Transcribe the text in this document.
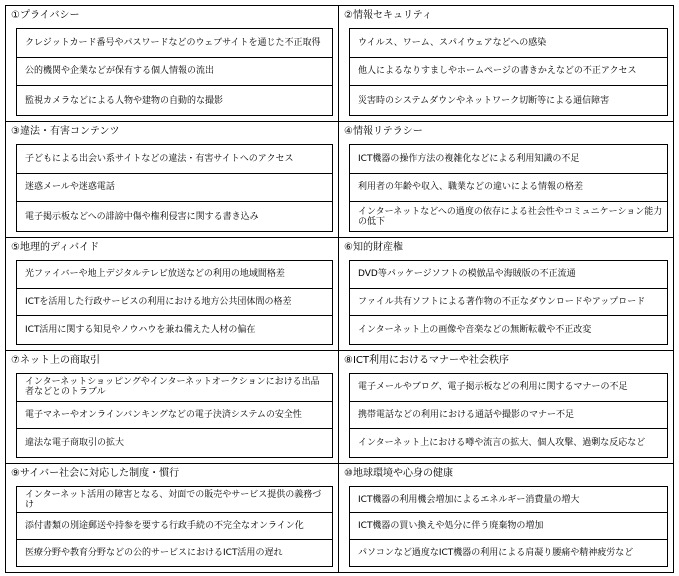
①プライバシー
クレジットカード番号やパスワードなどのウェブサイトを通じた不正取得
公的機関や企業などが保有する個人情報の流出
監視カメラなどによる人物や建物の自動的な撮影
②情報セキュリティ
ウイルス、ワーム、スパイウェアなどへの感染
他人によるなりすましやホームページの書きかえなどの不正アクセス
災害時のシステムダウンやネットワーク切断等による通信障害
③違法・有害コンテンツ
子どもによる出会い系サイトなどの違法・有害サイトへのアクセス
迷惑メールや迷惑電話
電子掲示板などへの誹謗中傷や権利侵害に関する書き込み
④情報リテラシー
ICT機器の操作方法の複雑化などによる利用知識の不足
利用者の年齢や収入、職業などの違いによる情報の格差
インターネットなどへの過度の依存による社会性やコミュニケーション能力の低下
⑤地理的ディバイド
光ファイバーや地上デジタルテレビ放送などの利用の地域間格差
ICTを活用した行政サービスの利用における地方公共団体間の格差
ICT活用に関する知見やノウハウを兼ね備えた人材の偏在
⑥知的財産権
DVD等パッケージソフトの模倣品や海賊版の不正流通
ファイル共有ソフトによる著作物の不正なダウンロードやアップロード
インターネット上の画像や音楽などの無断転載や不正改変
⑦ネット上の商取引
インターネットショッピングやインターネットオークションにおける出品者などとのトラブル
電子マネーやオンラインバンキングなどの電子決済システムの安全性
違法な電子商取引の拡大
⑧ICT利用におけるマナーや社会秩序
電子メールやブログ、電子掲示板などの利用に関するマナーの不足
携帯電話などの利用における通話や撮影のマナー不足
インターネット上における噂や流言の拡大、個人攻撃、過剰な反応など
⑨サイバー社会に対応した制度・慣行
インターネット活用の障害となる、対面での販売やサービス提供の義務づけ
添付書類の別途郵送や持参を要する行政手続の不完全なオンライン化
医療分野や教育分野などの公的サービスにおけるICT活用の遅れ
⑩地球環境や心身の健康
ICT機器の利用機会増加によるエネルギー消費量の増大
ICT機器の買い換えや処分に伴う廃棄物の増加
パソコンなど過度なICT機器の利用による肩凝り腰痛や精神疲労など
